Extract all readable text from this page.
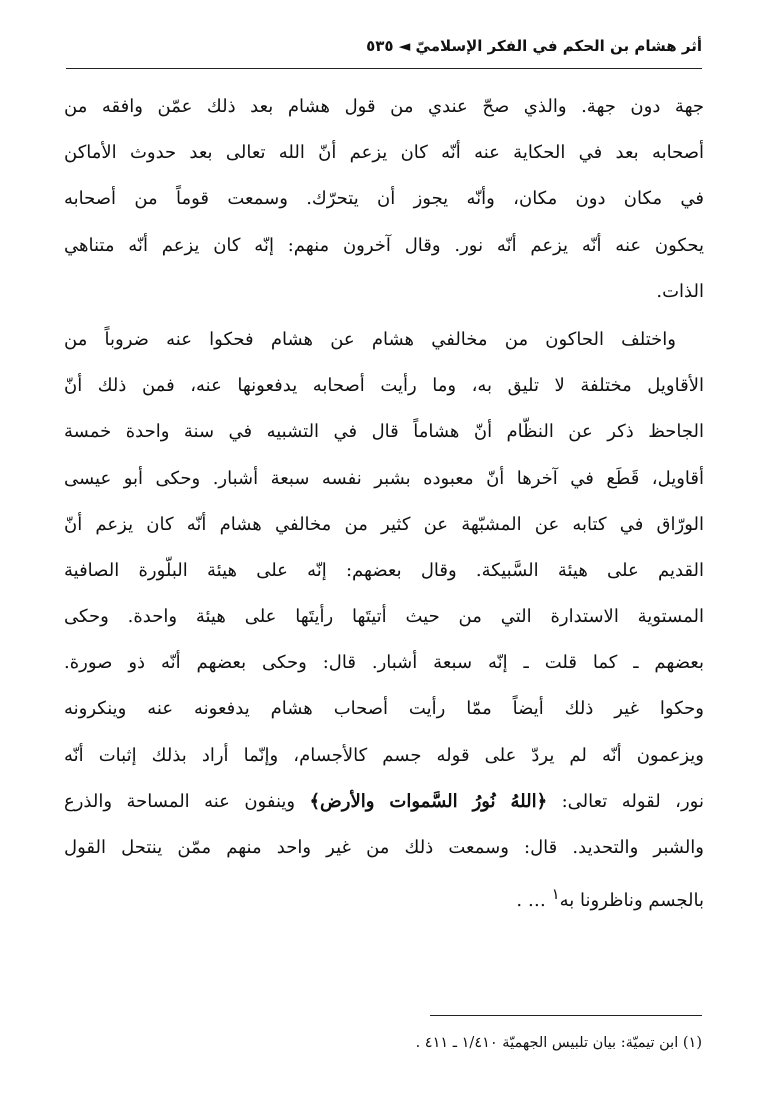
أثر هشام بن الحكم في الفكر الإسلاميّ ◄ ٥٣٥
جهة دون جهة. والذي صحّ عندي من قول هشام بعد ذلك عمّن وافقه من
أصحابه بعد في الحكاية عنه أنّه كان يزعم أنّ الله تعالى بعد حدوث الأماكن
في مكان دون مكان، وأنّه يجوز أن يتحرّك. وسمعت قوماً من أصحابه
يحكون عنه أنّه يزعم أنّه نور. وقال آخرون منهم: إنّه كان يزعم أنّه متناهي
الذات.
واختلف الحاكون من مخالفي هشام عن هشام فحكوا عنه ضروباً من
الأقاويل مختلفة لا تليق به، وما رأيت أصحابه يدفعونها عنه، فمن ذلك أنّ
الجاحظ ذكر عن النظّام أنّ هشاماً قال في التشبيه في سنة واحدة خمسة
أقاويل، قَطَع في آخرها أنّ معبوده بشبر نفسه سبعة أشبار. وحكى أبو عيسى
الورّاق في كتابه عن المشبّهة عن كثير من مخالفي هشام أنّه كان يزعم أنّ
القديم على هيئة السَّبيكة. وقال بعضهم: إنّه على هيئة البلّورة الصافية
المستوية الاستدارة التي من حيث أتيتَها رأيتَها على هيئة واحدة. وحكى
بعضهم ـ كما قلت ـ إنّه سبعة أشبار. قال: وحكى بعضهم أنّه ذو صورة.
وحكوا غير ذلك أيضاً ممّا رأيت أصحاب هشام يدفعونه عنه وينكرونه
ويزعمون أنّه لم يردّ على قوله جسم كالأجسام، وإنّما أراد بذلك إثبات أنّه
نور، لقوله تعالى: ﴿اللهُ نُورُ السَّموات والأرض﴾ وينفون عنه المساحة والذرع
والشبر والتحديد. قال: وسمعت ذلك من غير واحد منهم ممّن ينتحل القول
بالجسم وناظرونا به$^١$ … .
(١) ابن تيميّة: بيان تلبيس الجهميّة ١/٤١٠ ـ ٤١١ .
